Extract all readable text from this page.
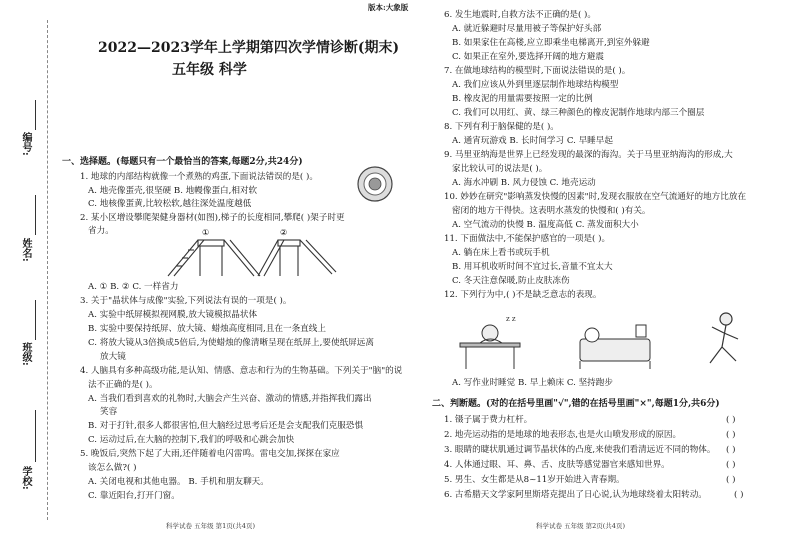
编号:
姓名:
班级:
学校:
版本:大象版
2022—2023学年上学期第四次学情诊断(期末)
五年级 科学
一、选择题。(每题只有一个最恰当的答案,每题2分,共24分)
1. 地球的内部结构就像一个煮熟的鸡蛋,下面说法错误的是( )。
A. 地壳像蛋壳,很坚硬 B. 地幔像蛋白,相对软
C. 地核像蛋黄,比较松软,越往深处温度越低
2. 某小区增设攀爬架健身器材(如图),梯子的长度相同,攀爬( )架子时更
省力。	①	②
A. ① B. ② C. 一样省力
3. 关于"晶状体与成像"实验,下列说法有误的一项是( )。
A. 实验中纸屏模拟视网膜,放大镜模拟晶状体
B. 实验中要保持纸屏、放大镜、蜡烛高度相同,且在一条直线上
C. 将放大镜从3倍换成5倍后,为使蜡烛的像清晰呈现在纸屏上,要使纸屏远离
放大镜
4. 人脑具有多种高级功能,是认知、情感、意志和行为的生物基础。下列关于"脑"的说
法不正确的是( )。
A. 当我们看到喜欢的礼物时,大脑会产生兴奋、激动的情感,并指挥我们露出
笑容
B. 对于打针,很多人都很害怕,但大脑经过思考后还是会支配我们克服恐惧
C. 运动过后,在大脑的控制下,我们的呼吸和心跳会加快
5. 晚饭后,突然下起了大雨,还伴随着电闪雷鸣。雷电交加,探探在家应
该怎么做?( )
A. 关闭电视和其他电器。 B. 手机和朋友聊天。
C. 靠近阳台,打开门窗。
科学试卷 五年级 第1页(共4页)
6. 发生地震时,自救方法不正确的是( )。
A. 就近躲避时尽量用被子等保护好头部
B. 如果家住在高楼,应立即乘坐电梯离开,到室外躲避
C. 如果正在室外,要选择开阔的地方避震
7. 在做地球结构的模型时,下面说法错误的是( )。
A. 我们应该从外到里逐层制作地球结构模型
B. 橡皮泥的用量需要按照一定的比例
C. 我们可以用红、黄、绿三种颜色的橡皮泥制作地球内部三个圈层
8. 下列有利于脑保健的是( )。
A. 通宵玩游戏 B. 长时间学习 C. 早睡早起
9. 马里亚纳海是世界上已经发现的最深的海沟。关于马里亚纳海沟的形成,大
家比较认可的说法是( )。
A. 海水冲刷 B. 风力侵蚀 C. 地壳运动
10. 妙妙在研究"影响蒸发快慢的因素"时,发现衣服放在空气流通好的地方比放在
密闭的地方干得快。这表明水蒸发的快慢和( )有关。
A. 空气流动的快慢 B. 温度高低 C. 蒸发面积大小
11. 下面做法中,不能保护感官的一项是( )。
A. 躺在床上看书或玩手机
B. 用耳机收听时间不宜过长,音量不宜太大
C. 冬天注意保暖,防止皮肤冻伤
12. 下列行为中,( )不是缺乏意志的表现。
z z
A. 写作业时睡觉 B. 早上赖床 C. 坚持跑步
二、判断题。(对的在括号里画"√",错的在括号里画"×",每题1分,共6分)
1. 镊子属于费力杠杆。	( )
2. 地壳运动指的是地球的地表形态,也是火山喷发形成的原因。	( )
3. 眼睛的睫状肌通过调节晶状体的凸度,来使我们看清远近不同的物体。 ( )
4. 人体通过眼、耳、鼻、舌、皮肤等感觉器官来感知世界。	( )
5. 男生、女生都是从8~11岁开始进入青春期。	( )
6. 古希腊天文学家阿里斯塔克提出了日心说,认为地球绕着太阳转动。	( )
科学试卷 五年级 第2页(共4页)
